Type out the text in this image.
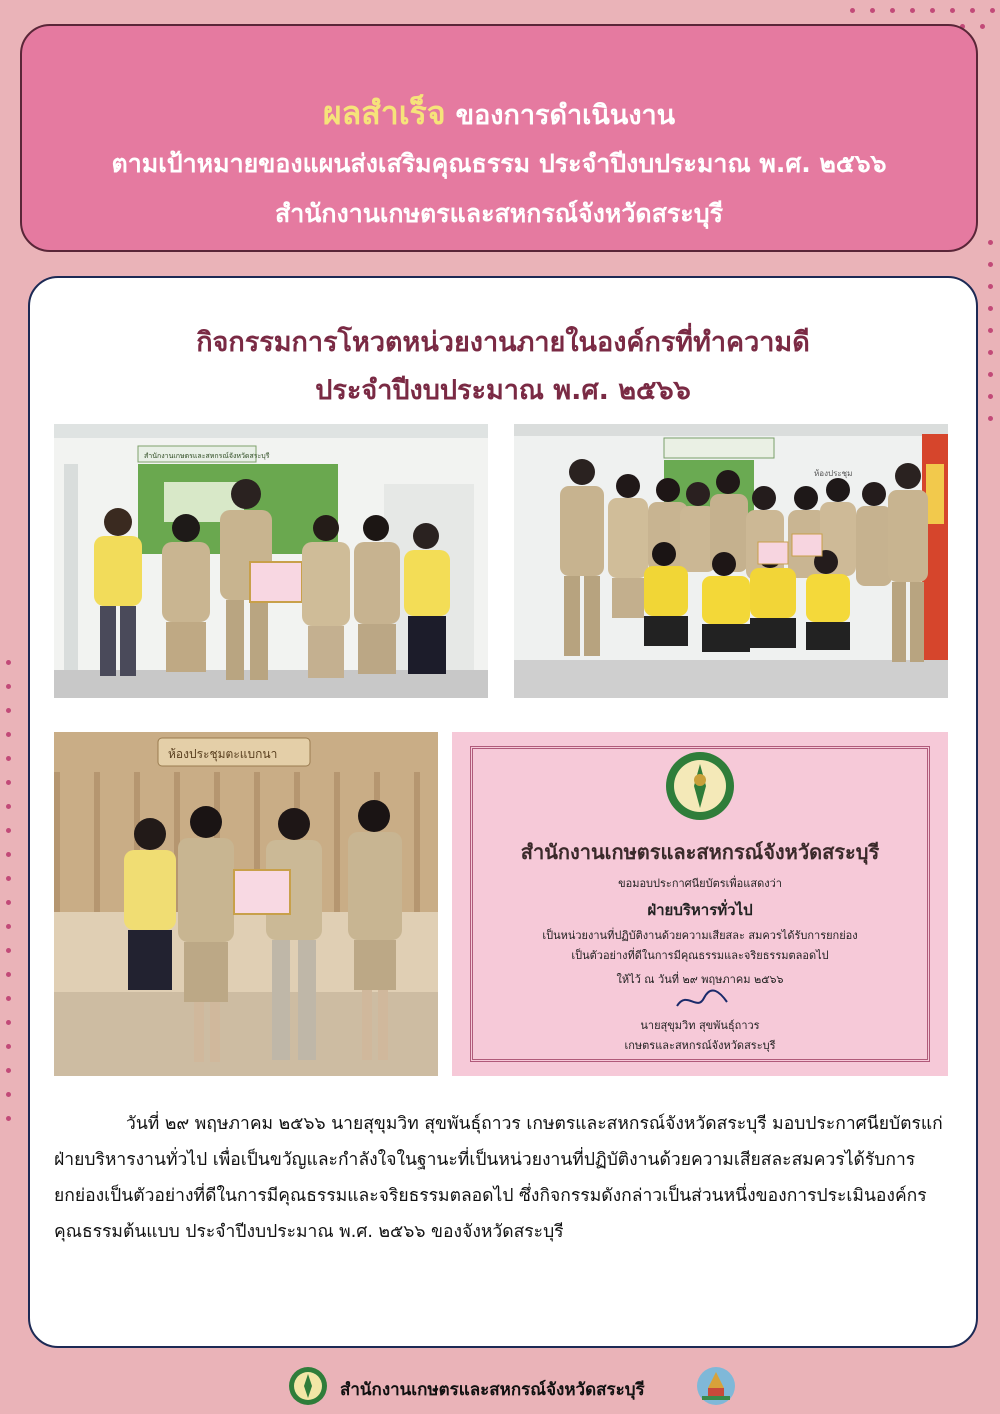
ผลสำเร็จ ของการดำเนินงาน
ตามเป้าหมายของแผนส่งเสริมคุณธรรม ประจำปีงบประมาณ พ.ศ. ๒๕๖๖
สำนักงานเกษตรและสหกรณ์จังหวัดสระบุรี
กิจกรรมการโหวตหน่วยงานภายในองค์กรที่ทำความดี
ประจำปีงบประมาณ พ.ศ. ๒๕๖๖
สำนักงานเกษตรและสหกรณ์จังหวัดสระบุรี
ห้องประชุม
ห้องประชุมตะแบกนา
สำนักงานเกษตรและสหกรณ์จังหวัดสระบุรี
ขอมอบประกาศนียบัตรเพื่อแสดงว่า
ฝ่ายบริหารทั่วไป
เป็นหน่วยงานที่ปฏิบัติงานด้วยความเสียสละ สมควรได้รับการยกย่อง
เป็นตัวอย่างที่ดีในการมีคุณธรรมและจริยธรรมตลอดไป
ให้ไว้ ณ วันที่ ๒๙ พฤษภาคม ๒๕๖๖
นายสุขุมวิท สุขพันธุ์ถาวร
เกษตรและสหกรณ์จังหวัดสระบุรี
วันที่ ๒๙ พฤษภาคม ๒๕๖๖ นายสุขุมวิท สุขพันธุ์ถาวร เกษตรและสหกรณ์จังหวัดสระบุรี มอบประกาศนียบัตรแก่ ฝ่ายบริหารงานทั่วไป เพื่อเป็นขวัญและกำลังใจในฐานะที่เป็นหน่วยงานที่ปฏิบัติงานด้วยความเสียสละสมควรได้รับการยกย่องเป็นตัวอย่างที่ดีในการมีคุณธรรมและจริยธรรมตลอดไป ซึ่งกิจกรรมดังกล่าวเป็นส่วนหนึ่งของการประเมินองค์กรคุณธรรมต้นแบบ ประจำปีงบประมาณ พ.ศ. ๒๕๖๖ ของจังหวัดสระบุรี
สำนักงานเกษตรและสหกรณ์จังหวัดสระบุรี
